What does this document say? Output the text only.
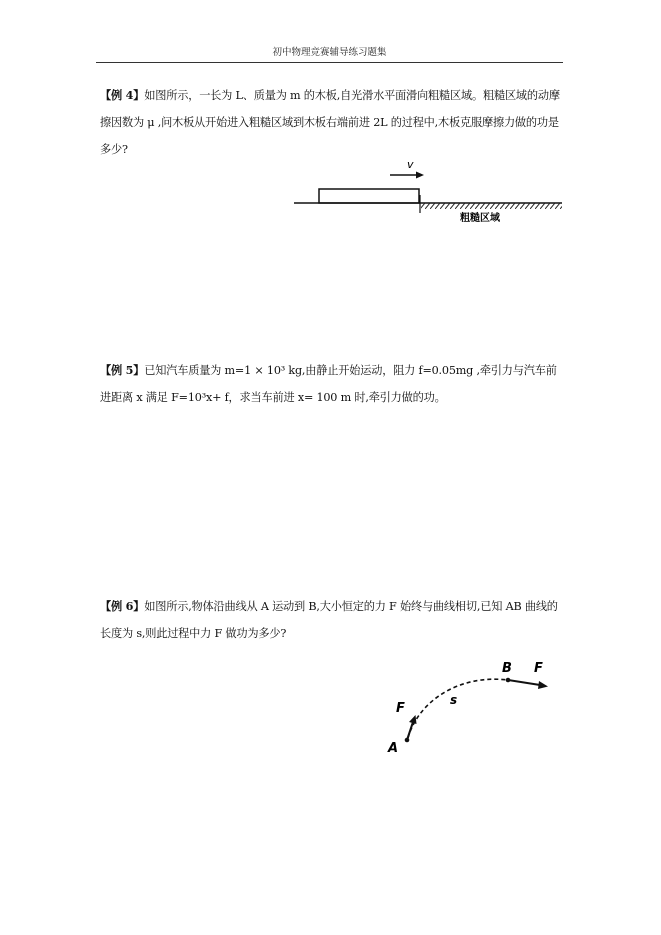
初中物理竞赛辅导练习题集
【例 4】如图所示，一长为 L、质量为 m 的木板,自光滑水平面滑向粗糙区域。粗糙区域的动摩擦因数为 μ ,问木板从开始进入粗糙区域到木板右端前进 2L 的过程中,木板克服摩擦力做的功是多少?
v
粗糙区域
【例 5】已知汽车质量为 m=1 × 10³ kg,由静止开始运动，阻力 f=0.05mg ,牵引力与汽车前进距离 x 满足 F=10³x+ f，求当车前进 x= 100 m 时,牵引力做的功。
【例 6】如图所示,物体沿曲线从 A 运动到 B,大小恒定的力 F 始终与曲线相切,已知 AB 曲线的长度为 s,则此过程中力 F 做功为多少?
A
F
B F
s
